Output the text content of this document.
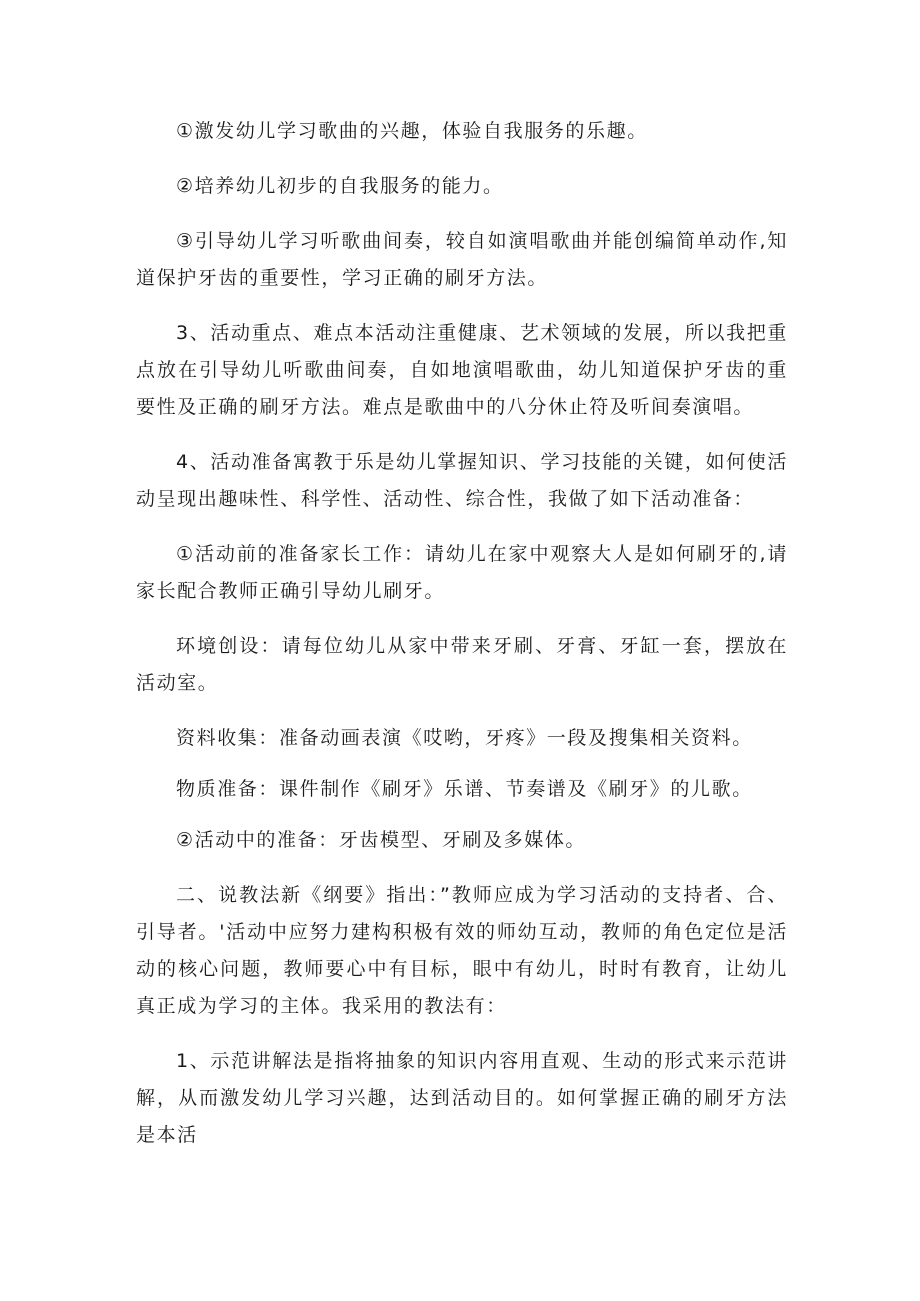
①激发幼儿学习歌曲的兴趣，体验自我服务的乐趣。

②培养幼儿初步的自我服务的能力。

③引导幼儿学习听歌曲间奏，较自如演唱歌曲并能创编简单动作,知道保护牙齿的重要性，学习正确的刷牙方法。

3、活动重点、难点本活动注重健康、艺术领域的发展，所以我把重点放在引导幼儿听歌曲间奏，自如地演唱歌曲，幼儿知道保护牙齿的重要性及正确的刷牙方法。难点是歌曲中的八分休止符及听间奏演唱。

4、活动准备寓教于乐是幼儿掌握知识、学习技能的关键，如何使活动呈现出趣味性、科学性、活动性、综合性，我做了如下活动准备：

①活动前的准备家长工作：请幼儿在家中观察大人是如何刷牙的,请家长配合教师正确引导幼儿刷牙。

环境创设：请每位幼儿从家中带来牙刷、牙膏、牙缸一套，摆放在活动室。

资料收集：准备动画表演《哎哟，牙疼》一段及搜集相关资料。

物质准备：课件制作《刷牙》乐谱、节奏谱及《刷牙》的儿歌。

②活动中的准备：牙齿模型、牙刷及多媒体。

二、说教法新《纲要》指出：”教师应成为学习活动的支持者、合、引导者。'活动中应努力建构积极有效的师幼互动，教师的角色定位是活动的核心问题，教师要心中有目标，眼中有幼儿，时时有教育，让幼儿真正成为学习的主体。我采用的教法有：

1、示范讲解法是指将抽象的知识内容用直观、生动的形式来示范讲解，从而激发幼儿学习兴趣，达到活动目的。如何掌握正确的刷牙方法是本活
